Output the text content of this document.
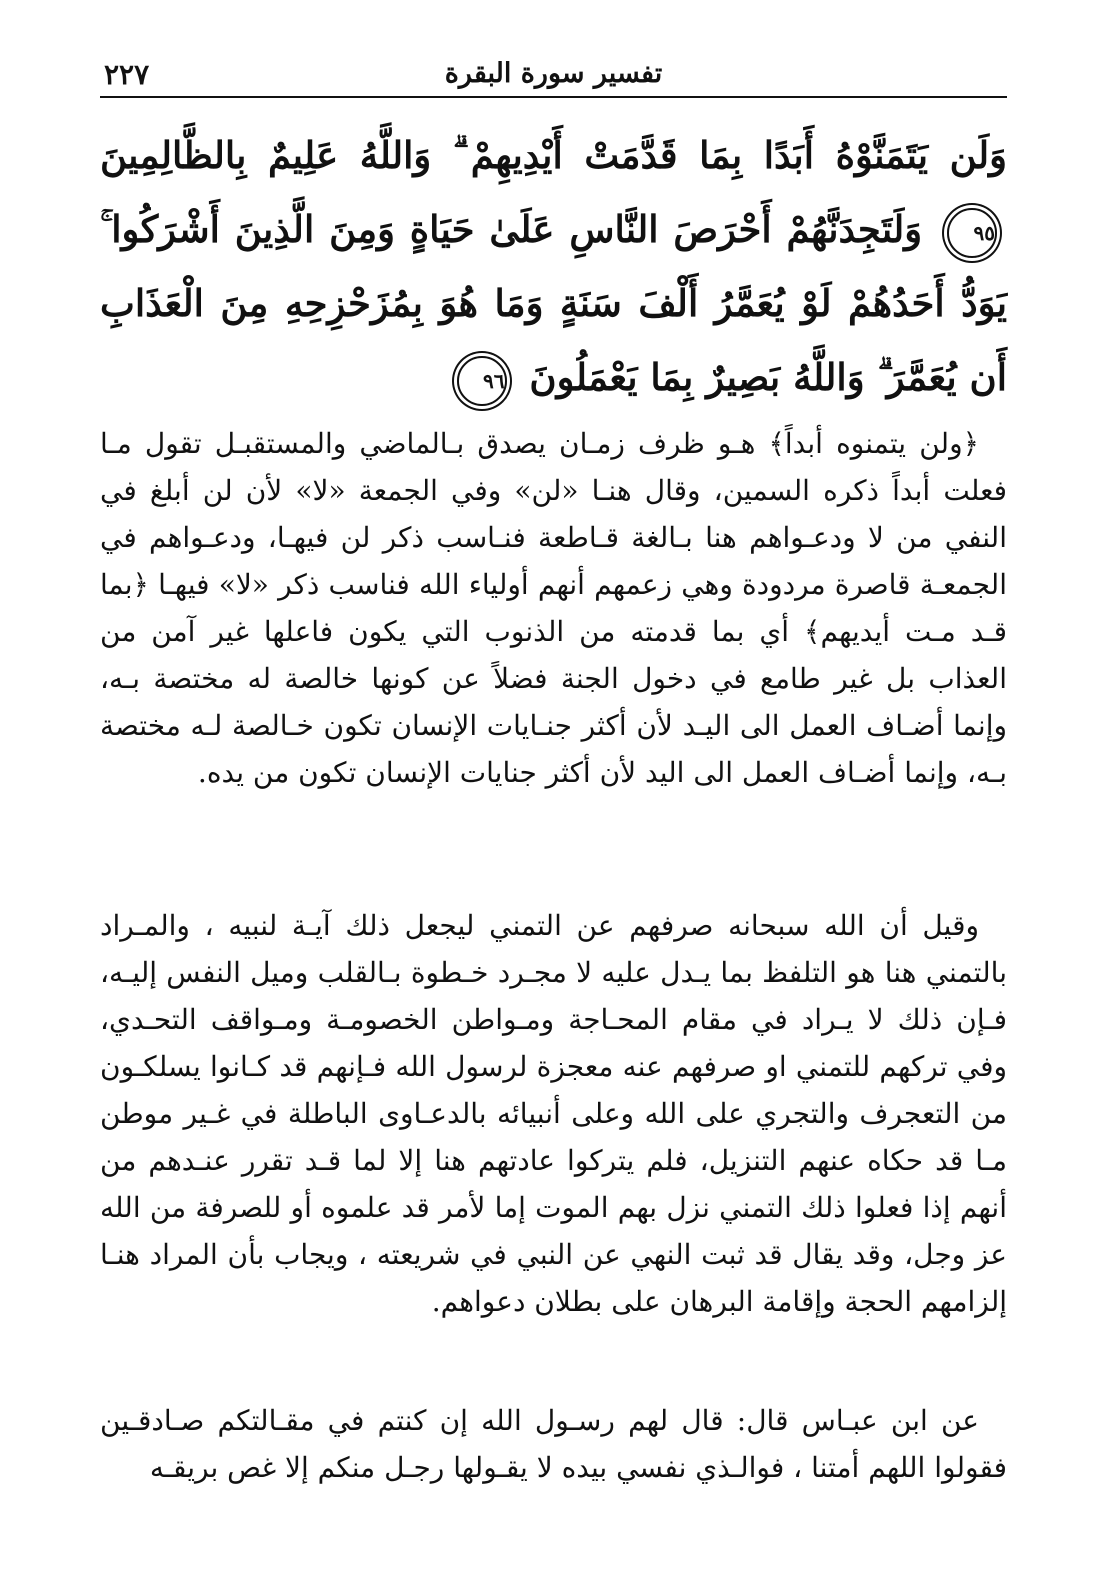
٢٢٧	تفسير سورة البقرة
وَلَن يَتَمَنَّوْهُ أَبَدًا بِمَا قَدَّمَتْ أَيْدِيهِمْ ۗ وَاللَّهُ عَلِيمٌ بِالظَّالِمِينَ ٩٥ وَلَتَجِدَنَّهُمْ أَحْرَصَ النَّاسِ عَلَىٰ حَيَاةٍ وَمِنَ الَّذِينَ أَشْرَكُوا ۚ يَوَدُّ أَحَدُهُمْ لَوْ يُعَمَّرُ أَلْفَ سَنَةٍ وَمَا هُوَ بِمُزَحْزِحِهِ مِنَ الْعَذَابِ أَن يُعَمَّرَ ۗ وَاللَّهُ بَصِيرٌ بِمَا يَعْمَلُونَ ٩٦

﴿ولن يتمنوه أبداً﴾ هـو ظرف زمـان يصدق بـالماضي والمستقبـل تقول مـا فعلت أبداً ذكره السمين، وقال هنـا «لن» وفي الجمعة «لا» لأن لن أبلغ في النفي من لا ودعـواهم هنا بـالغة قـاطعة فنـاسب ذكر لن فيهـا، ودعـواهم في الجمعـة قاصرة مردودة وهي زعمهم أنهم أولياء الله فناسب ذكر «لا» فيهـا ﴿بما قـد مـت أيديهم﴾ أي بما قدمته من الذنوب التي يكون فاعلها غير آمن من العذاب بل غير طامع في دخول الجنة فضلاً عن كونها خالصة له مختصة بـه، وإنما أضـاف العمل الى اليـد لأن أكثر جنـايات الإنسان تكون خـالصة لـه مختصة بـه، وإنما أضـاف العمل الى اليد لأن أكثر جنايات الإنسان تكون من يده.

وقيل أن الله سبحانه صرفهم عن التمني ليجعل ذلك آيـة لنبيه ، والمـراد بالتمني هنا هو التلفظ بما يـدل عليه لا مجـرد خـطوة بـالقلب وميل النفس إليـه، فـإن ذلك لا يـراد في مقام المحـاجة ومـواطن الخصومـة ومـواقف التحـدي، وفي تركهم للتمني او صرفهم عنه معجزة لرسول الله فـإنهم قد كـانوا يسلكـون من التعجرف والتجري على الله وعلى أنبيائه بالدعـاوى الباطلة في غـير موطن مـا قد حكاه عنهم التنزيل، فلم يتركوا عادتهم هنا إلا لما قـد تقرر عنـدهم من أنهم إذا فعلوا ذلك التمني نزل بهم الموت إما لأمر قد علموه أو للصرفة من الله عز وجل، وقد يقال قد ثبت النهي عن النبي في شريعته ، ويجاب بأن المراد هنـا إلزامهم الحجة وإقامة البرهان على بطلان دعواهم.

عن ابن عبـاس قال: قال لهم رسـول الله إن كنتم في مقـالتكم صـادقـين فقولوا اللهم أمتنا ، فوالـذي نفسي بيده لا يقـولها رجـل منكم إلا غص بريقـه
